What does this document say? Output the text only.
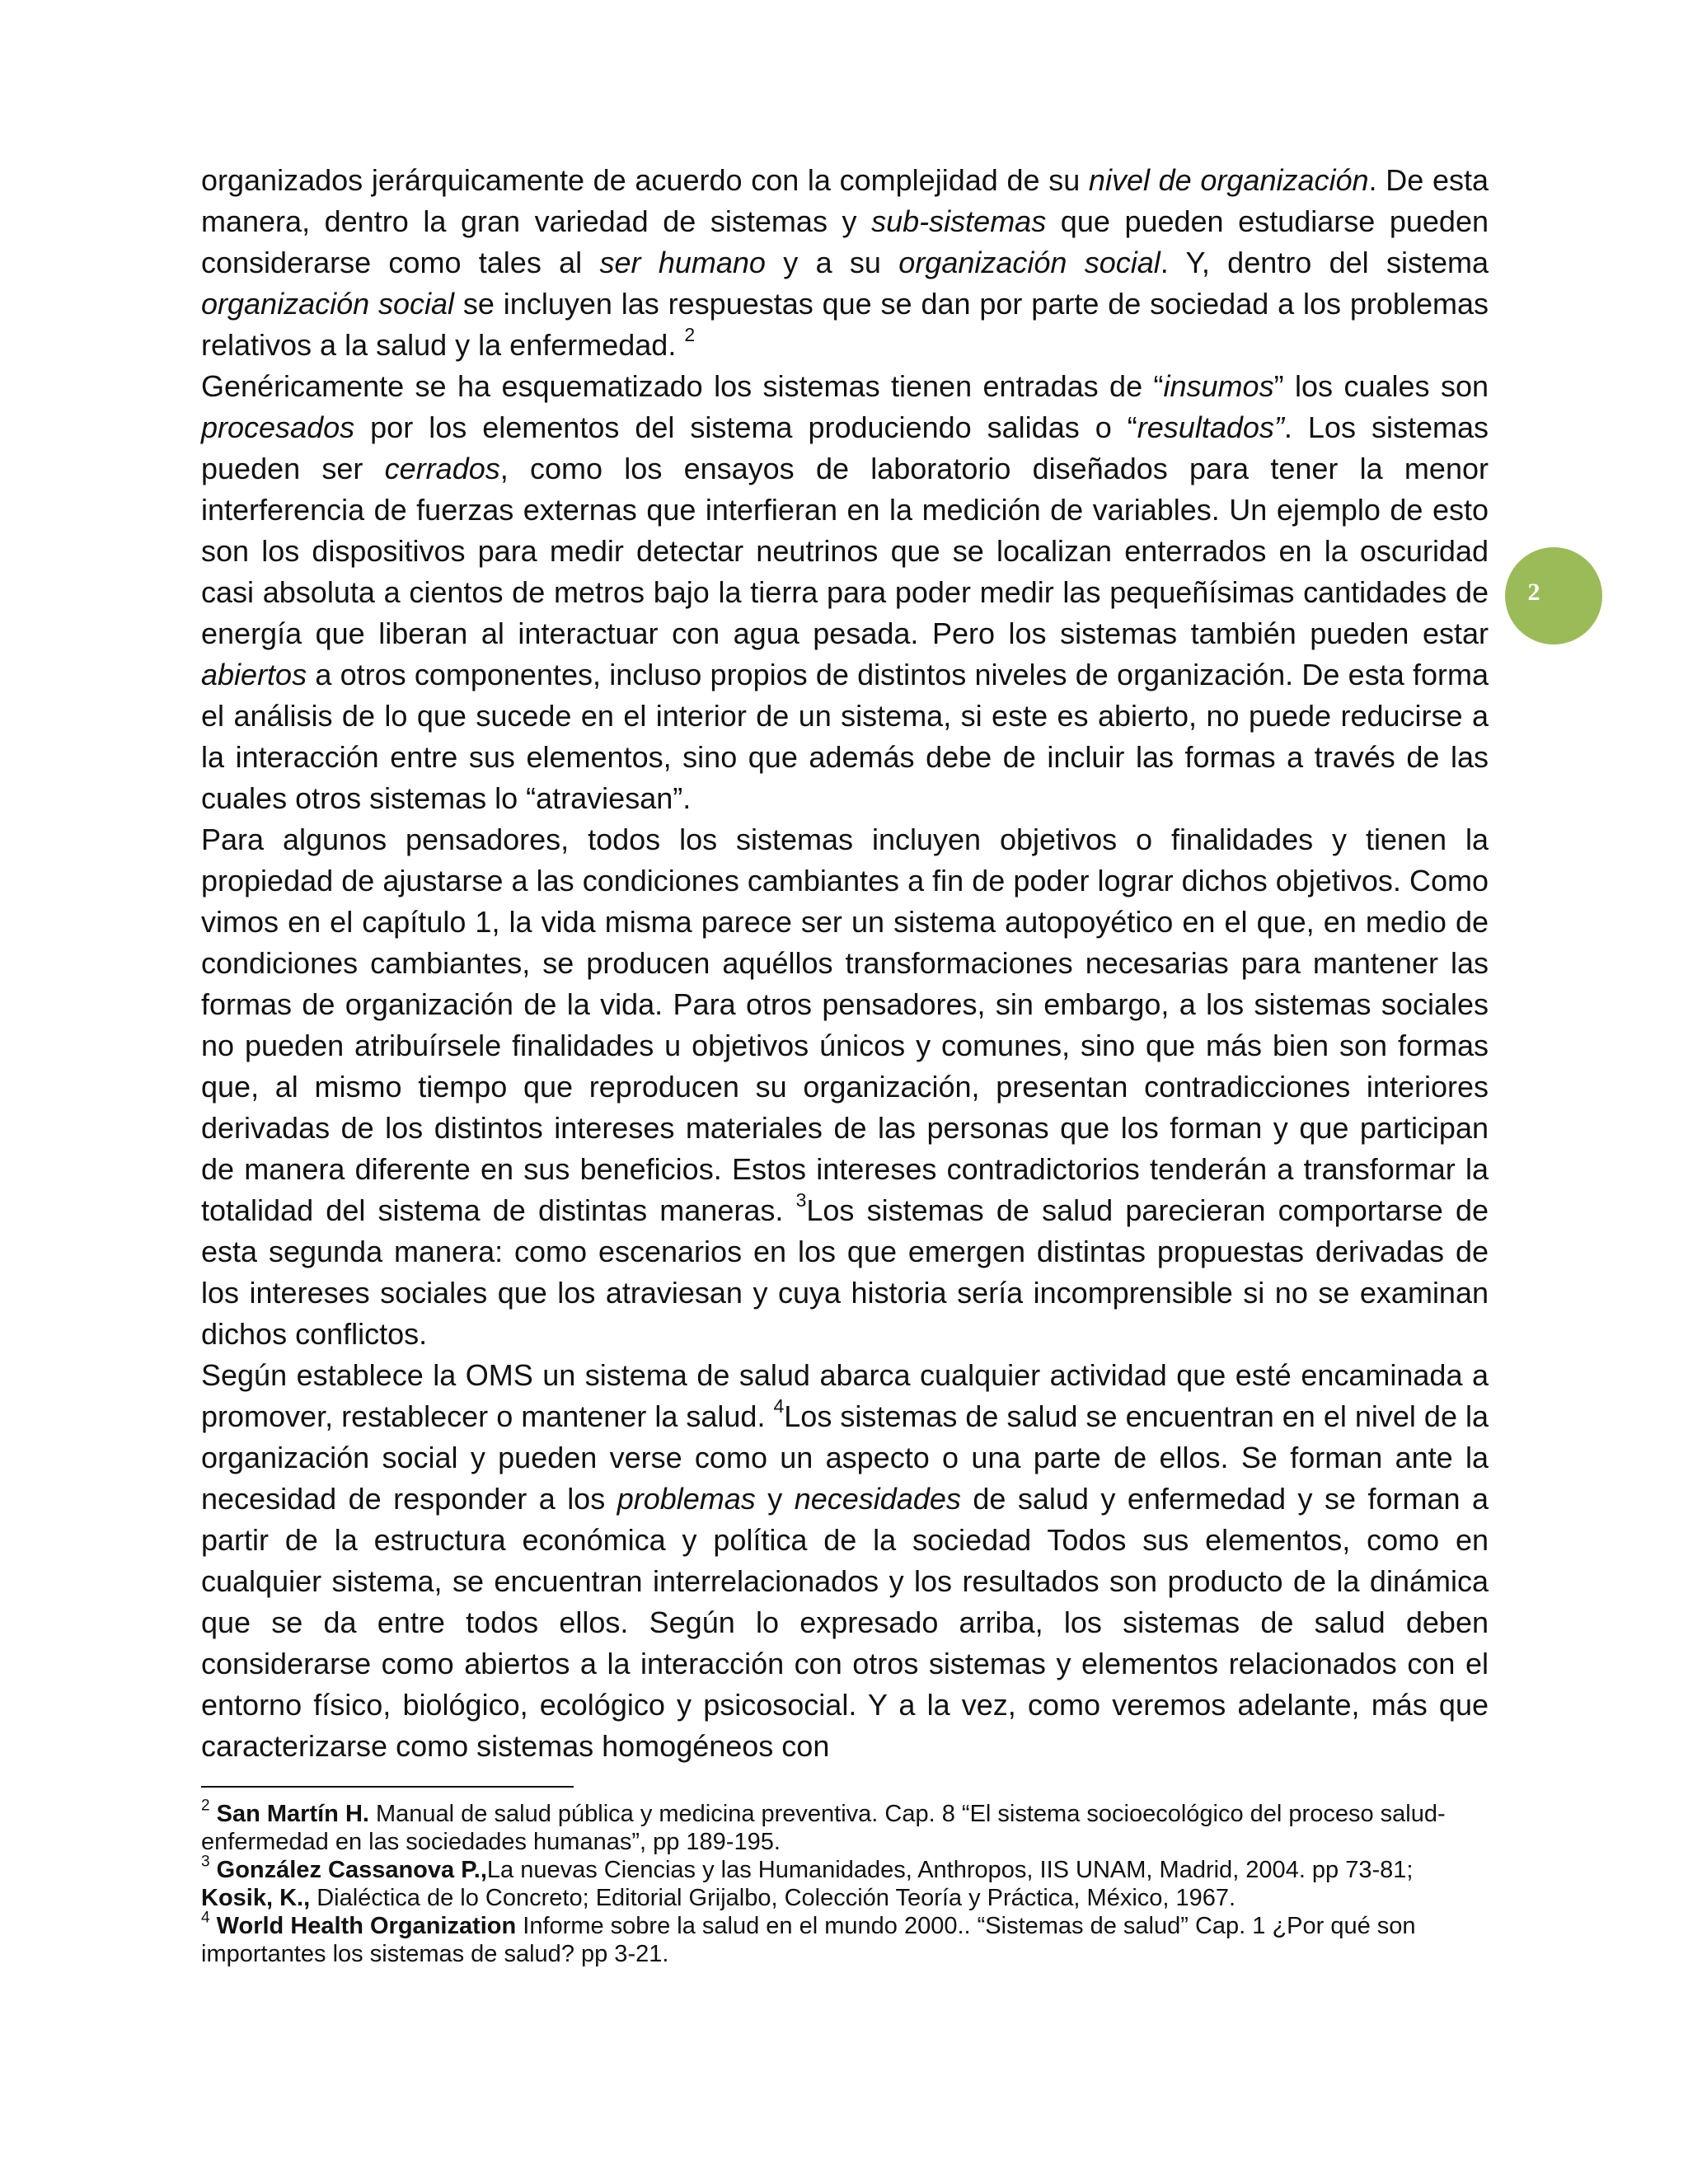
organizados jerárquicamente de acuerdo con la complejidad de su nivel de organización. De esta manera, dentro la gran variedad de sistemas y sub-sistemas que pueden estudiarse pueden considerarse como tales al ser humano y a su organización social. Y, dentro del sistema organización social se incluyen las respuestas que se dan por parte de sociedad a los problemas relativos a la salud y la enfermedad. $^2$

Genéricamente se ha esquematizado los sistemas tienen entradas de “insumos” los cuales son procesados por los elementos del sistema produciendo salidas o “resultados”. Los sistemas pueden ser cerrados, como los ensayos de laboratorio diseñados para tener la menor interferencia de fuerzas externas que interfieran en la medición de variables. Un ejemplo de esto son los dispositivos para medir detectar neutrinos que se localizan enterrados en la oscuridad casi absoluta a cientos de metros bajo la tierra para poder medir las pequeñísimas cantidades de energía que liberan al interactuar con agua pesada. Pero los sistemas también pueden estar abiertos a otros componentes, incluso propios de distintos niveles de organización. De esta forma el análisis de lo que sucede en el interior de un sistema, si este es abierto, no puede reducirse a la interacción entre sus elementos, sino que además debe de incluir las formas a través de las cuales otros sistemas lo “atraviesan”.

Para algunos pensadores, todos los sistemas incluyen objetivos o finalidades y tienen la propiedad de ajustarse a las condiciones cambiantes a fin de poder lograr dichos objetivos. Como vimos en el capítulo 1, la vida misma parece ser un sistema autopoyético en el que, en medio de condiciones cambiantes, se producen aquéllos transformaciones necesarias para mantener las formas de organización de la vida. Para otros pensadores, sin embargo, a los sistemas sociales no pueden atribuírsele finalidades u objetivos únicos y comunes, sino que más bien son formas que, al mismo tiempo que reproducen su organización, presentan contradicciones interiores derivadas de los distintos intereses materiales de las personas que los forman y que participan de manera diferente en sus beneficios. Estos intereses contradictorios tenderán a transformar la totalidad del sistema de distintas maneras. $^3$Los sistemas de salud parecieran comportarse de esta segunda manera: como escenarios en los que emergen distintas propuestas derivadas de los intereses sociales que los atraviesan y cuya historia sería incomprensible si no se examinan dichos conflictos.

Según establece la OMS un sistema de salud abarca cualquier actividad que esté encaminada a promover, restablecer o mantener la salud. $^4$Los sistemas de salud se encuentran en el nivel de la organización social y pueden verse como un aspecto o una parte de ellos. Se forman ante la necesidad de responder a los problemas y necesidades de salud y enfermedad y se forman a partir de la estructura económica y política de la sociedad Todos sus elementos, como en cualquier sistema, se encuentran interrelacionados y los resultados son producto de la dinámica que se da entre todos ellos. Según lo expresado arriba, los sistemas de salud deben considerarse como abiertos a la interacción con otros sistemas y elementos relacionados con el entorno físico, biológico, ecológico y psicosocial. Y a la vez, como veremos adelante, más que caracterizarse como sistemas homogéneos con

2

$^2$ San Martín H. Manual de salud pública y medicina preventiva. Cap. 8 “El sistema socioecológico del proceso salud-enfermedad en las sociedades humanas”, pp 189-195.

$^3$ González Cassanova P.,La nuevas Ciencias y las Humanidades, Anthropos, IIS UNAM, Madrid, 2004. pp 73-81; Kosik, K., Dialéctica de lo Concreto; Editorial Grijalbo, Colección Teoría y Práctica, México, 1967.

$^4$ World Health Organization Informe sobre la salud en el mundo 2000.. “Sistemas de salud” Cap. 1 ¿Por qué son importantes los sistemas de salud? pp 3-21.
